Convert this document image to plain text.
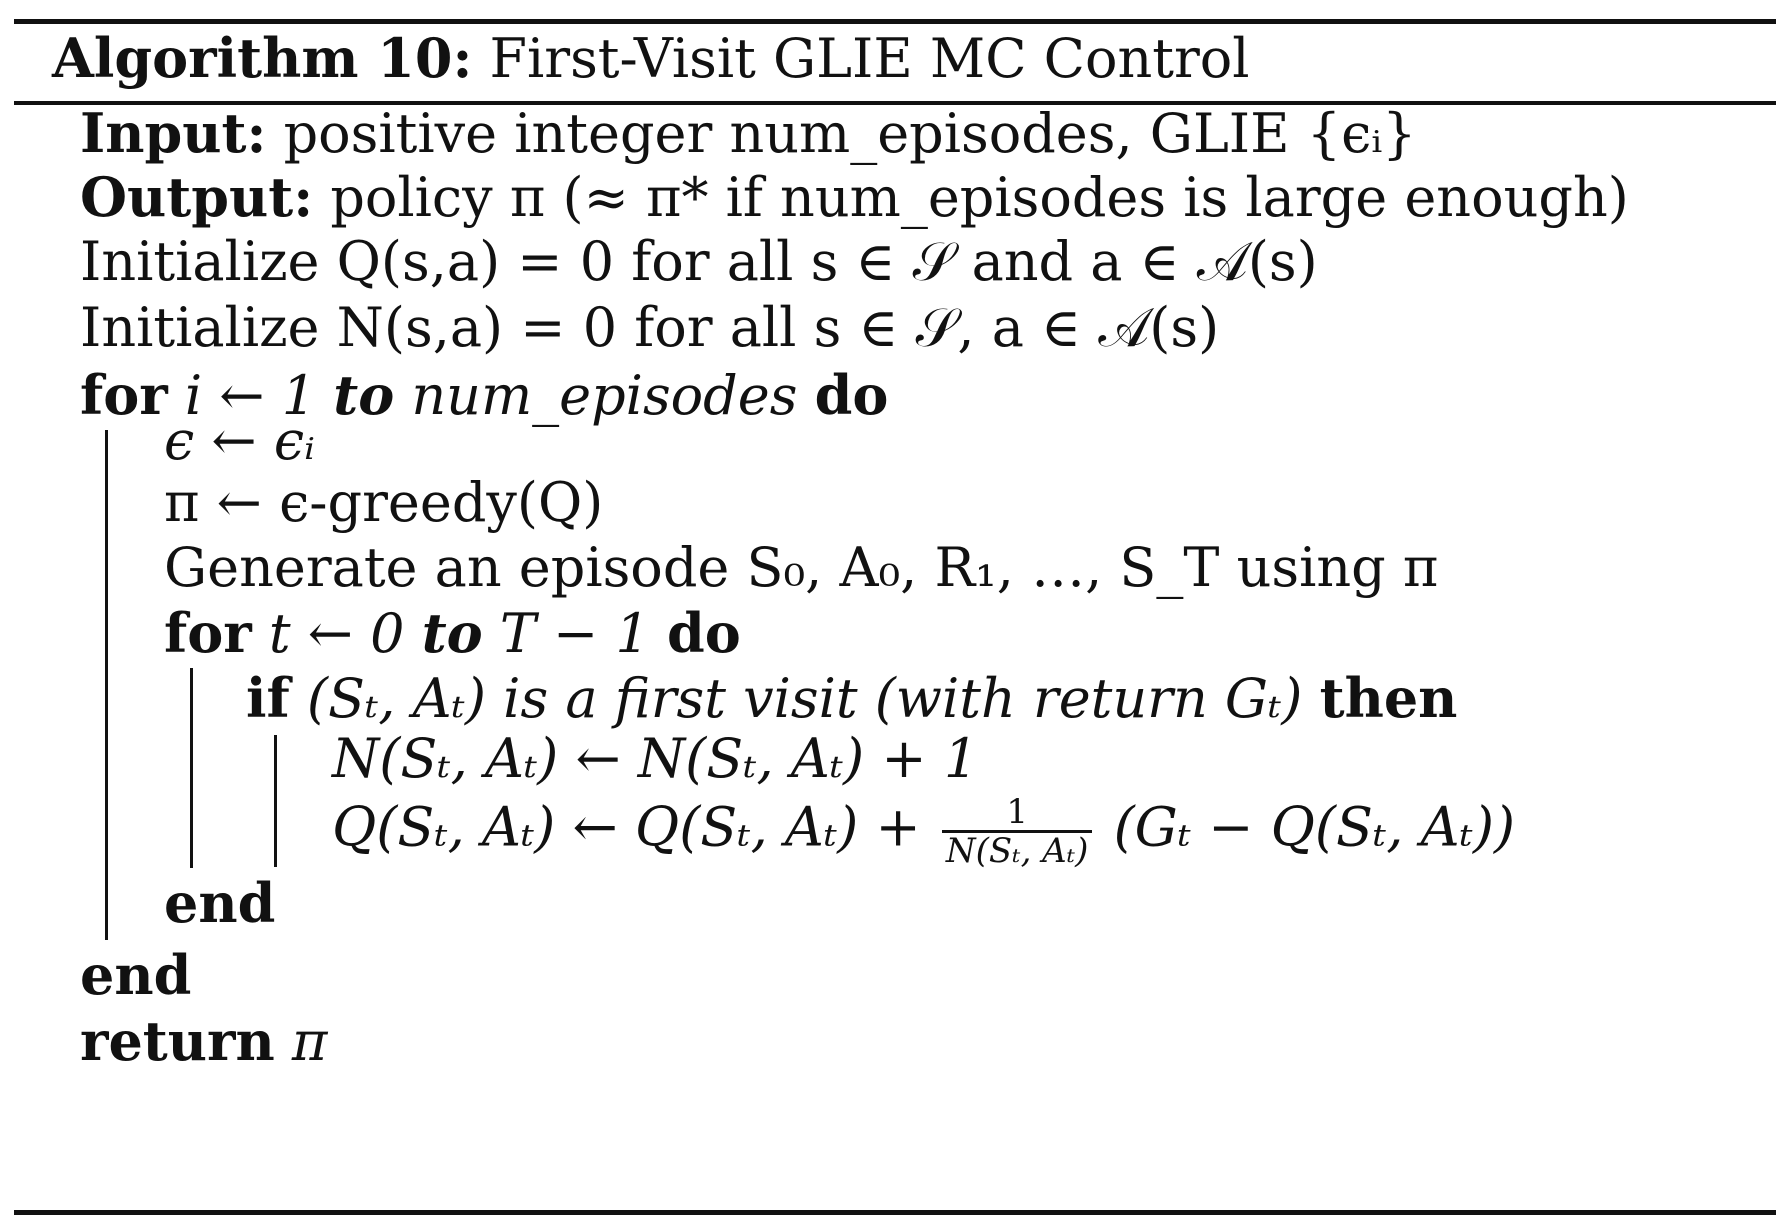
Algorithm 10: First-Visit GLIE MC Control
Input: positive integer num_episodes, GLIE {ϵᵢ}
Output: policy π (≈ π* if num_episodes is large enough)
Initialize Q(s,a) = 0 for all s ∈ 𝒮 and a ∈ 𝒜(s)
Initialize N(s,a) = 0 for all s ∈ 𝒮, a ∈ 𝒜(s)
for i ← 1 to num_episodes do
ϵ ← ϵᵢ
π ← ϵ-greedy(Q)
Generate an episode S₀, A₀, R₁, …, S_T using π
for t ← 0 to T − 1 do
if (Sₜ, Aₜ) is a first visit (with return Gₜ) then
N(Sₜ, Aₜ) ← N(Sₜ, Aₜ) + 1
Q(Sₜ, Aₜ) ← Q(Sₜ, $A_t) + \frac{1}{\text{N(Sₜ, Aₜ)}} (G_t - Q(S_t$, Aₜ))
end
end
return π
